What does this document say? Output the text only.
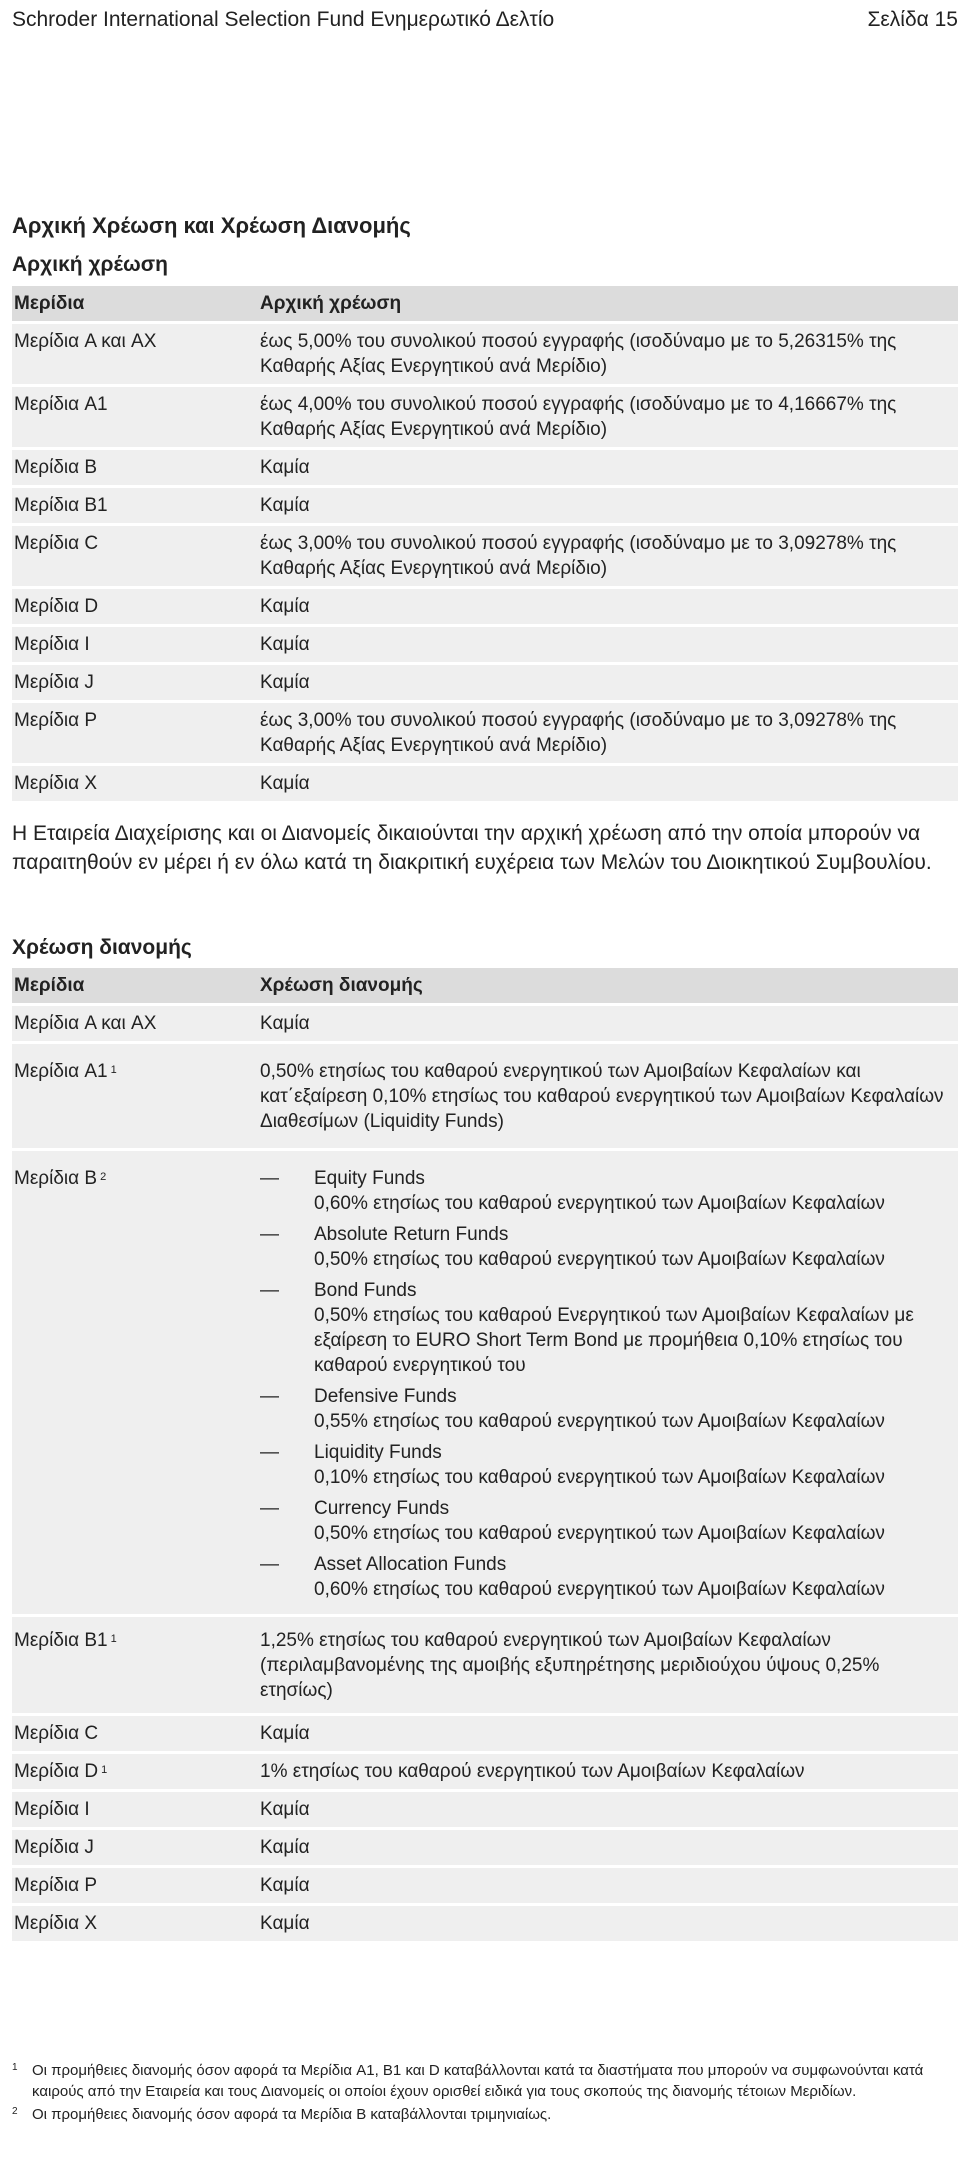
Schroder International Selection Fund Ενημερωτικό Δελτίο	Σελίδα 15
Αρχική Χρέωση και Χρέωση Διανομής
Αρχική χρέωση
Μερίδια	Αρχική χρέωση
Μερίδια A και AX	έως 5,00% του συνολικού ποσού εγγραφής (ισοδύναμο με το 5,26315% της Καθαρής Αξίας Ενεργητικού ανά Μερίδιο)
Μερίδια A1	έως 4,00% του συνολικού ποσού εγγραφής (ισοδύναμο με το 4,16667% της Καθαρής Αξίας Ενεργητικού ανά Μερίδιο)
Μερίδια B	Καμία
Μερίδια B1	Καμία
Μερίδια C	έως 3,00% του συνολικού ποσού εγγραφής (ισοδύναμο με το 3,09278% της Καθαρής Αξίας Ενεργητικού ανά Μερίδιο)
Μερίδια D	Καμία
Μερίδια I	Καμία
Μερίδια J	Καμία
Μερίδια P	έως 3,00% του συνολικού ποσού εγγραφής (ισοδύναμο με το 3,09278% της Καθαρής Αξίας Ενεργητικού ανά Μερίδιο)
Μερίδια X	Καμία
Η Εταιρεία Διαχείρισης και οι Διανομείς δικαιούνται την αρχική χρέωση από την οποία μπορούν να παραιτηθούν εν μέρει ή εν όλω κατά τη διακριτική ευχέρεια των Μελών του Διοικητικού Συμβουλίου.
Χρέωση διανομής
Μερίδια	Χρέωση διανομής
Μερίδια A και AX	Καμία
Μερίδια A1 $^1$	0,50% ετησίως του καθαρού ενεργητικού των Αμοιβαίων Κεφαλαίων και κατ΄εξαίρεση 0,10% ετησίως του καθαρού ενεργητικού των Αμοιβαίων Κεφαλαίων Διαθεσίμων (Liquidity Funds)
Μερίδια B $^2$	—	Equity Funds
0,60% ετησίως του καθαρού ενεργητικού των Αμοιβαίων Κεφαλαίων
—	Absolute Return Funds
0,50% ετησίως του καθαρού ενεργητικού των Αμοιβαίων Κεφαλαίων
—	Bond Funds
0,50% ετησίως του καθαρού Ενεργητικού των Αμοιβαίων Κεφαλαίων με εξαίρεση το EURO Short Term Bond με προμήθεια 0,10% ετησίως του καθαρού ενεργητικού του
—	Defensive Funds
0,55% ετησίως του καθαρού ενεργητικού των Αμοιβαίων Κεφαλαίων
—	Liquidity Funds
0,10% ετησίως του καθαρού ενεργητικού των Αμοιβαίων Κεφαλαίων
—	Currency Funds
0,50% ετησίως του καθαρού ενεργητικού των Αμοιβαίων Κεφαλαίων
—	Asset Allocation Funds
0,60% ετησίως του καθαρού ενεργητικού των Αμοιβαίων Κεφαλαίων
Μερίδια B1 $^1$	1,25% ετησίως του καθαρού ενεργητικού των Αμοιβαίων Κεφαλαίων (περιλαμβανομένης της αμοιβής εξυπηρέτησης μεριδιούχου ύψους 0,25% ετησίως)
Μερίδια C	Καμία
Μερίδια D $^1$	1% ετησίως του καθαρού ενεργητικού των Αμοιβαίων Κεφαλαίων
Μερίδια I	Καμία
Μερίδια J	Καμία
Μερίδια P	Καμία
Μερίδια X	Καμία
1 Οι προμήθειες διανομής όσον αφορά τα Μερίδια A1, B1 και D καταβάλλονται κατά τα διαστήματα που μπορούν να συμφωνούνται κατά καιρούς από την Εταιρεία και τους Διανομείς οι οποίοι έχουν ορισθεί ειδικά για τους σκοπούς της διανομής τέτοιων Μεριδίων.
2 Οι προμήθειες διανομής όσον αφορά τα Μερίδια B καταβάλλονται τριμηνιαίως.
